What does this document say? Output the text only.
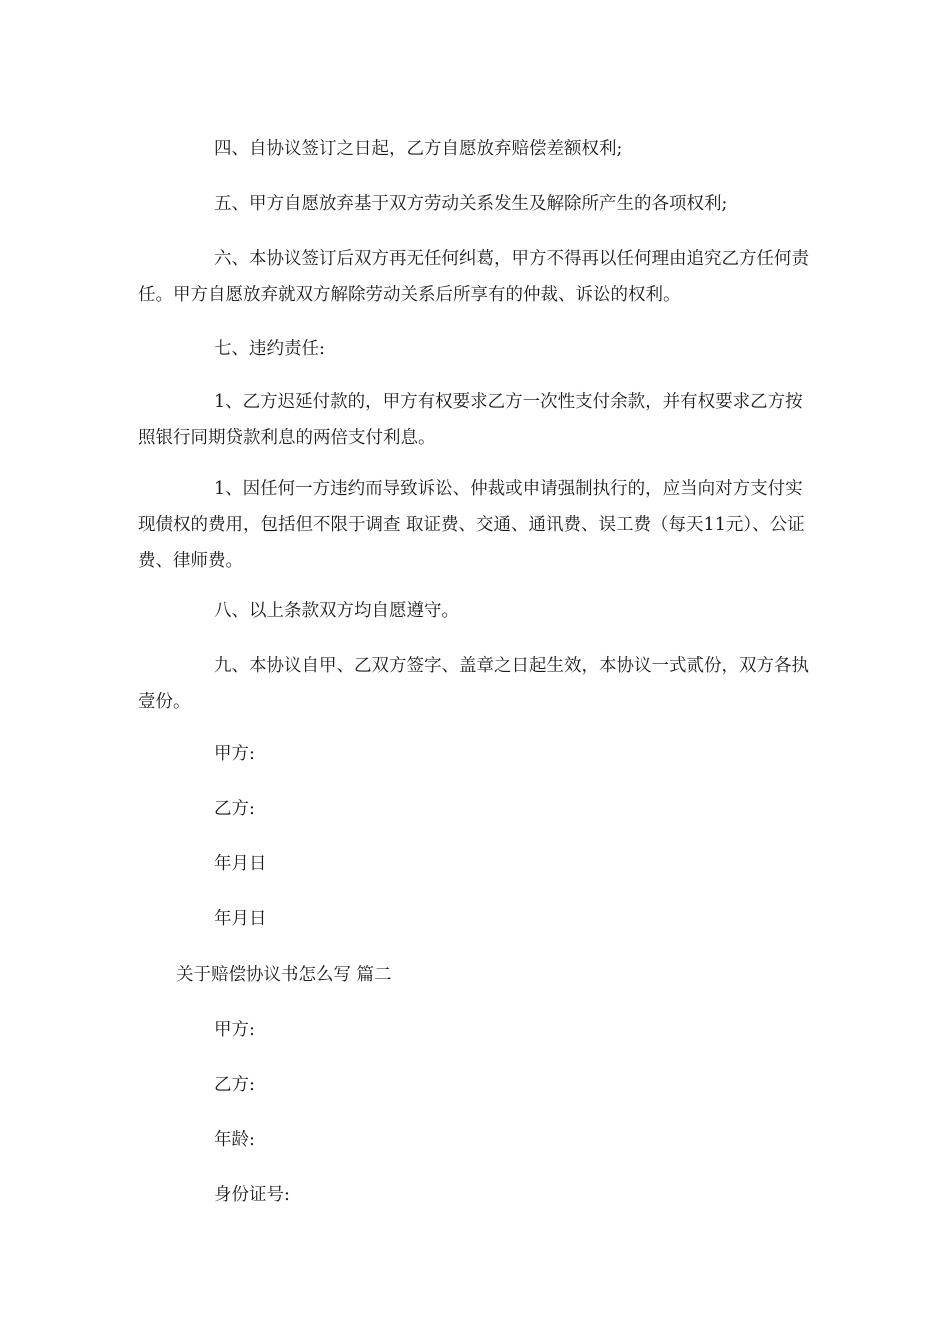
四、自协议签订之日起，乙方自愿放弃赔偿差额权利;
五、甲方自愿放弃基于双方劳动关系发生及解除所产生的各项权利;
六、本协议签订后双方再无任何纠葛，甲方不得再以任何理由追究乙方任何责任。甲方自愿放弃就双方解除劳动关系后所享有的仲裁、诉讼的权利。
七、违约责任:
1、乙方迟延付款的，甲方有权要求乙方一次性支付余款，并有权要求乙方按照银行同期贷款利息的两倍支付利息。
1、因任何一方违约而导致诉讼、仲裁或申请强制执行的，应当向对方支付实现债权的费用，包括但不限于调查 取证费、交通、通讯费、误工费（每天11元）、公证费、律师费。
八、以上条款双方均自愿遵守。
九、本协议自甲、乙双方签字、盖章之日起生效，本协议一式贰份，双方各执壹份。
甲方:
乙方:
年月日
年月日
关于赔偿协议书怎么写 篇二
甲方:
乙方:
年龄:
身份证号:
